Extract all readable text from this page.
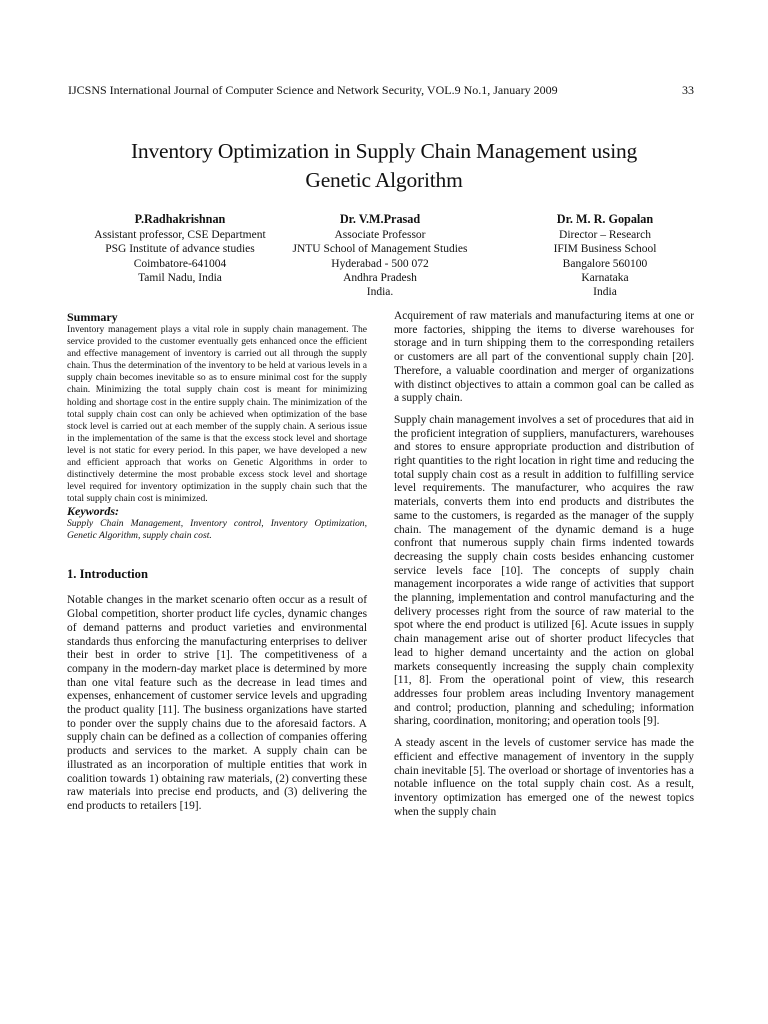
IJCSNS International Journal of Computer Science and Network Security, VOL.9 No.1, January 2009	33
Inventory Optimization in Supply Chain Management using
Genetic Algorithm
P.Radhakrishnan
Assistant professor, CSE Department
PSG Institute of advance studies
Coimbatore-641004
Tamil Nadu, India
Dr. V.M.Prasad
Associate Professor
JNTU School of Management Studies
Hyderabad - 500 072
Andhra Pradesh
India.
Dr. M. R. Gopalan
Director – Research
IFIM Business School
Bangalore 560100
Karnataka
India

Summary

Inventory management plays a vital role in supply chain management. The service provided to the customer eventually gets enhanced once the efficient and effective management of inventory is carried out all through the supply chain. Thus the determination of the inventory to be held at various levels in a supply chain becomes inevitable so as to ensure minimal cost for the supply chain. Minimizing the total supply chain cost is meant for minimizing holding and shortage cost in the entire supply chain. The minimization of the total supply chain cost can only be achieved when optimization of the base stock level is carried out at each member of the supply chain. A serious issue in the implementation of the same is that the excess stock level and shortage level is not static for every period. In this paper, we have developed a new and efficient approach that works on Genetic Algorithms in order to distinctively determine the most probable excess stock level and shortage level required for inventory optimization in the supply chain such that the total supply chain cost is minimized.

Keywords:

Supply Chain Management, Inventory control, Inventory Optimization, Genetic Algorithm, supply chain cost.

1. Introduction

Notable changes in the market scenario often occur as a result of Global competition, shorter product life cycles, dynamic changes of demand patterns and product varieties and environmental standards thus enforcing the manufacturing enterprises to deliver their best in order to strive [1]. The competitiveness of a company in the modern-day market place is determined by more than one vital feature such as the decrease in lead times and expenses, enhancement of customer service levels and upgrading the product quality [11]. The business organizations have started to ponder over the supply chains due to the aforesaid factors. A supply chain can be defined as a collection of companies offering products and services to the market. A supply chain can be illustrated as an incorporation of multiple entities that work in coalition towards 1) obtaining raw materials, (2) converting these raw materials into precise end products, and (3) delivering the end products to retailers [19].

Acquirement of raw materials and manufacturing items at one or more factories, shipping the items to diverse warehouses for storage and in turn shipping them to the corresponding retailers or customers are all part of the conventional supply chain [20]. Therefore, a valuable coordination and merger of organizations with distinct objectives to attain a common goal can be called as a supply chain.

Supply chain management involves a set of procedures that aid in the proficient integration of suppliers, manufacturers, warehouses and stores to ensure appropriate production and distribution of right quantities to the right location in right time and reducing the total supply chain cost as a result in addition to fulfilling service level requirements. The manufacturer, who acquires the raw materials, converts them into end products and distributes the same to the customers, is regarded as the manager of the supply chain. The management of the dynamic demand is a huge confront that numerous supply chain firms indented towards decreasing the supply chain costs besides enhancing customer service levels face [10]. The concepts of supply chain management incorporates a wide range of activities that support the planning, implementation and control manufacturing and the delivery processes right from the source of raw material to the spot where the end product is utilized [6]. Acute issues in supply chain management arise out of shorter product lifecycles that lead to higher demand uncertainty and the action on global markets consequently increasing the supply chain complexity [11, 8]. From the operational point of view, this research addresses four problem areas including Inventory management and control; production, planning and scheduling; information sharing, coordination, monitoring; and operation tools [9].

A steady ascent in the levels of customer service has made the efficient and effective management of inventory in the supply chain inevitable [5]. The overload or shortage of inventories has a notable influence on the total supply chain cost. As a result, inventory optimization has emerged one of the newest topics when the supply chain
